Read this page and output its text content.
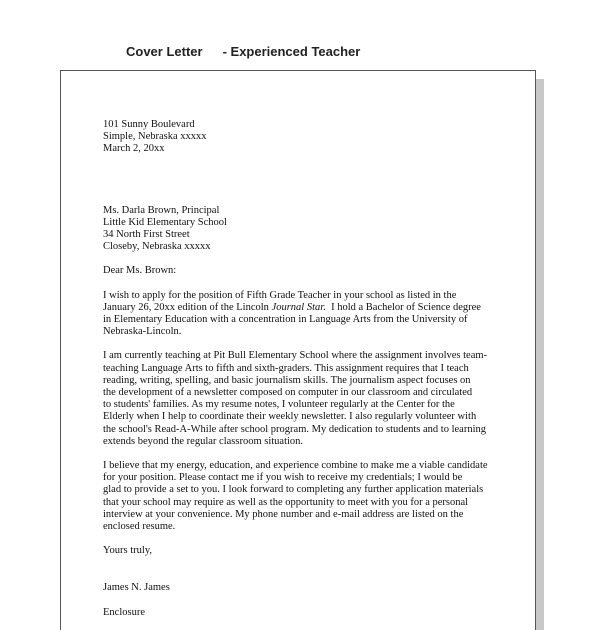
Cover Letter - Experienced Teacher
101 Sunny Boulevard
Simple, Nebraska xxxxx
March 2, 20xx
Ms. Darla Brown, Principal
Little Kid Elementary School
34 North First Street
Closeby, Nebraska xxxxx
Dear Ms. Brown:
I wish to apply for the position of Fifth Grade Teacher in your school as listed in the
January 26, 20xx edition of the Lincoln Journal Star.  I hold a Bachelor of Science degree
in Elementary Education with a concentration in Language Arts from the University of
Nebraska-Lincoln.
I am currently teaching at Pit Bull Elementary School where the assignment involves team-
teaching Language Arts to fifth and sixth-graders. This assignment requires that I teach
reading, writing, spelling, and basic journalism skills. The journalism aspect focuses on
the development of a newsletter composed on computer in our classroom and circulated
to students' families. As my resume notes, I volunteer regularly at the Center for the
Elderly when I help to coordinate their weekly newsletter. I also regularly volunteer with
the school's Read-A-While after school program. My dedication to students and to learning
extends beyond the regular classroom situation.
I believe that my energy, education, and experience combine to make me a viable candidate
for your position. Please contact me if you wish to receive my credentials; I would be
glad to provide a set to you. I look forward to completing any further application materials
that your school may require as well as the opportunity to meet with you for a personal
interview at your convenience. My phone number and e-mail address are listed on the
enclosed resume.
Yours truly,
James N. James
Enclosure
